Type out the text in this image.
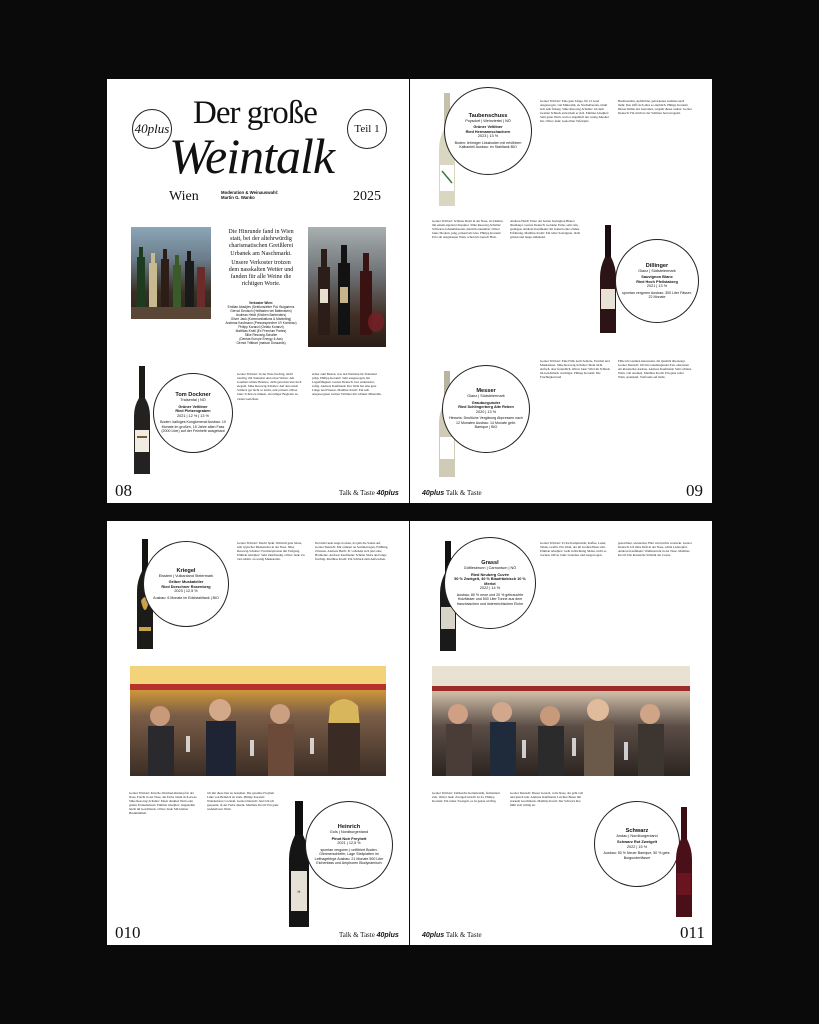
40plus Der große
Weintalk Teil 1
Wien	Moderation & Weinauswahl:
Martin G. Wanko	2025
Die Hinrunde fand in Wien
statt, bei der altehrwürdig
charismatischen Greißlerei
Urbanek am Naschmarkt.
Unsere Verkoster trotzen
dem nasskalten Wetter und
fanden für alle Weine die
richtigen Worte.
Verkoster Wien:
Emilian Abadjiev (Sektionsleiter Pal. Bulgariens
Gernot Deutsch (Heilfasten bei Battenstein)
Andreas Heldt (Kitchen Bartenders)
Oliver Jauk (Kommunikations & Marketing)
Andreas Kaufmann (Pressesprecher i.R Kornblau)
Philipp Koranzi (Gelato Koranzi)
Matthias Krotli (Ex Premium Partes)
Silke Resowig-Schaller
(Dentas Europe Energy & Ass)
Gernot Trittbart (maison Dossards)
Tom Dockner
Traisental | NÖ
Grüner Veltliner
Ried Pletzengraben
2021 | 12 % | 13 %
Boden: kalkiges Konglomerat Ausbau: 10 Monate im großen, 15 Jahre alten Fass (2000 Liter) auf der Feinhefe ausgebaut
Gernot Trittbart: In der Nase fruchtig, leicht rauchig, mit Steinobst und etwas Würze. Am Gaumen schöne Balance, dicht gewoben und doch elegant. Silke Resowig-Schaller: Auf den ersten Schluck gar nicht so leicht, sehr präsent. Oliver Jauk: Schön zu trinken, ein ruhiger Begleiter zu vielen Gerichten.
sicher zum Besten, was den Weinbau im Traisental prägt. Philipp Koranzi: Sehr ausgewogen, hat Lagerfähigkeit. Gernot Deutsch: Gut strukturiert, saftig. Andreas Kaufmann: Der Wein hat eine gute Länge und Finesse. Matthias Krotli: Ein sehr ausgewogener Grüner Veltliner mit schöner Mineralik.
08	Talk & Taste 40plus
Taubenschuss
Poysdorf | Weinviertel | NÖ
Grüner Veltliner
Ried Hermannschachern
2023 | 13 %
Boden: lehmiger Lössboden mit erhöhtem Kalkanteil Ausbau: im Stahltank BIO
Gernot Trittbart: Eine gute Länge, für 12 Grad ausgewogen, viel Mineralik, zu Stachelbeeren, trinkt sich sehr flüssig. Silke Resowig-Schaller: Ab dem zweiten Schluck entwickelt er sich. Emilian Abadjiev: Sehr guter Wein, weil er angeblich nur wenig Alkohol hat. Oliver Jauk: Gekochter Tafelspitz.
Bremsstellen, Apfelbirne, gebackenes Gemüse nach mehr. Das trifft sich alles so ziemlich. Philipp Koranzi: Dieser Kühle des Getreides, vergeht dieser sauber. Gernot Deutsch: Für mich ist der Veltliner hervorragend.
Gernot Trittbart: Schöner Rötel in der Nase, ist trinkbar, mit einem eigenen Charakter. Silke Resowig-Schaller: Schwarze Johannisbeeren, deutlich erkennbar. Oliver Jauk: Modern, jung, präsent im Glas. Philipp Koranzi: Ein voll ausgebauter Wein, schon im Geruch Holz.
Andreas Heldt: Einer der besten Sauvignon Blancs überhaupt. Gernot Deutsch: Goldene Farbe, sehr rein, gediegen. Andreas Kaufmann: Im Ganzen eine schöne Erfahrung. Matthias Krotli: Ein toller Sauvignon, dicht gebaut und lange anhaltend.
Dillinger
Glanz | Südsteiermark
Sauvignon Blanc
Ried Hoch Pfeilstaberg
2021 | 13 %
spontan vergoren Ausbau: 300 Liter Fässer, 22 Monate
Messer
Glanz | Südsteiermark
Grauburgunder
Ried Schlingerberg Alte Reben
2020 | 13 %
Hinweis: Deutliche Vergärung Abpressen nach 12 Monaten Ausbau: 14 Monate gebr. Barrique | BIO
Gernot Trittbart: Eine Fülle nach Sellerie, Fenchel und Muskatnuss. Silke Resowig-Schaller: Mein nicht einfach, aber freundlich. Oliver Jauk: Wird im Schluck im Geschmack wuchtiger. Philipp Koranzi: Die Fruchtigkeit und
Fülle im Gaumen interessant, die Qualität überzeugt. Gernot Deutsch: Ich bin Grauburgunder-Fan, ansonsten ein klassischer Ausbau. Andreas Kaufmann: Sehr schöner Wein, voll Aromen. Matthias Krotli: Ein ganz toller Wein, spannend, Vorfreude auf mehr.
40plus Talk & Taste	09
Kriegel
Eisstein | Vulkanland Steiermark
Gelber Muskateller
Ried Dorschner Rosenberg
2023 | 12,5 %
Ausbau: 6 Monate im Edelstahltank | BIO
Gernot Trittbart: Macht Spaß. Wirklich gute Säure, sehr typischer Muskateller in der Nase. Silke Resowig-Schaller: Fruchtexplosion mit Tiefgang. Emilian Abadjiev: Sehr trinkfreudig. Oliver Jauk: Zu viel erklärt, zu wenig Muskateller.
Da bleibt kein Auge trocken, da geht die Sonne auf. Gernot Deutsch: Mir erinnert an Sommerregen, Frühling, Zitronen. Andreas Heldt: Er vollendet sich jetzt eine Harmonie. Andreas Kaufmann: Schöne Säure und lange fruchtig. Matthias Krotli: Ein Schluck zum Aufwachen.
Gernot Trittbart: Kirsche-Weichsel-Rumtopf in der Nase, Frucht in der Nase, die Farbe trennt sich etwas. Silke Resowig-Schaller: Einen dunklen Wein oder geilen Fernsehabend. Emilian Abadjiev: Angenehm leicht im Geschmack. Oliver Jauk: Mit kleiner Bestimmtheit.
ich mir diese hier zu bestellen. Die gesamte Freyheit Linie von Heinrich ist stark. Philipp Koranzi: Wunderbarer Cocktail. Gernot Deutsch: Jetzt bin ich gespannt, in der Farbe dezent. Matthias Krotli: Ein ganz wunderbarer Wein.
H
Heinrich
Gols | Nordburgenland
Pinot Noir Freyheit
2021 | 12,5 %
spontan vergoren | unfiltriert Boden: Glimmerschiefer, Lage Steilplatten im Leithagebirge Ausbau: 21 Monate 500 Liter Eichenfass und Amphoren Biodynamisch
010	Talk & Taste 40plus
Grassl
Göttlesbrunn | Carnuntum | NÖ
Ried Neuberg Cuvée
50 % Zweigelt, 40 % Blaufränkisch 10 % Merlot
2022 | 14 %
Ausbau: 80 % neue und 20 % gebrauchte Holzfässer und 500 Liter Tonne aus dem französischen und österreichischen Eiche
Gernot Trittbart: Er hat Komplexität, Kaffee, Leder, Tabak, Grafitt. Ein Wein, der im Großen Haus sitzt. Emilian Abadjiev: Geht in Richtung Süden, nicht so trocken. Oliver Jauk: Grandios und ausgewogen.
gezeichnet, wunderbar. Hier wird nichts versteckt. Gernot Deutsch: Ich liebe Duft in der Nase, schön Lederapfel. Andreas Kaufmann: Wahlkonvent in der Nase. Matthias Krotli: Die klassische Stilistik der Cuvée.
Gernot Trittbart: Zahlreiche Komplexität, fermentiert Zeit. Oliver Jauk: Zweigelt kirscht ist da. Philipp Koranzi: Ein reiner Zweigelt, es ist genau wichtig.
Gernot Deutsch: Dieser Geruch, volle Nase, der geht voll und gleich rein. Andreas Kaufmann: Leichter Bauer mit starkem Geschmack. Matthias Krotli: Der Schwarz Rot fühlt sich richtig an.
Schwarz
Andau | Nordburgenland
Schwarz Rot Zweigelt
2022 | 15 %
Ausbau: 50 % Neuer Barrique, 50 % gebr. Burgunderfässer
40plus Talk & Taste	011
